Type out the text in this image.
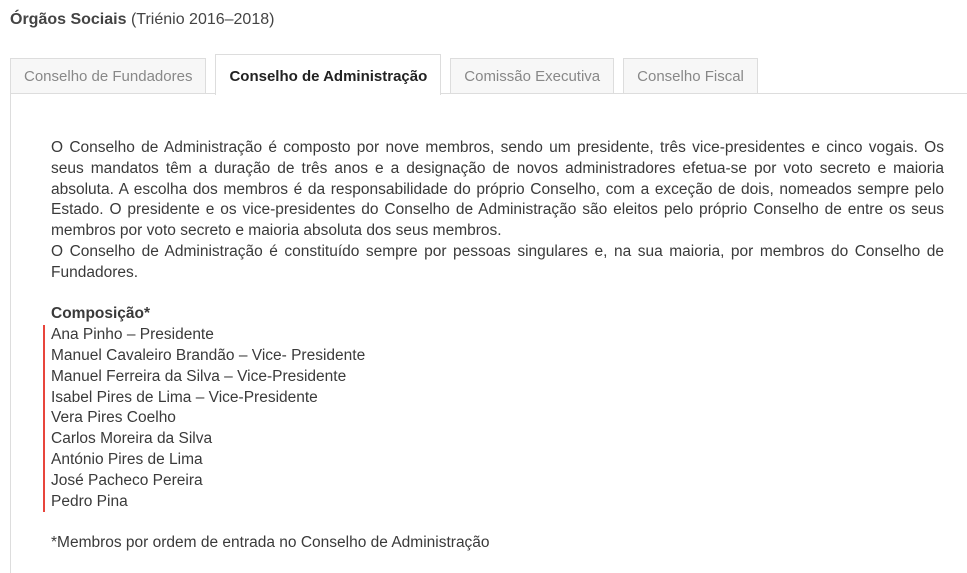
Órgãos Sociais (Triénio 2016–2018)
Conselho de Fundadores	Conselho de Administração	Comissão Executiva	Conselho Fiscal

O Conselho de Administração é composto por nove membros, sendo um presidente, três vice-presidentes e cinco vogais. Os seus mandatos têm a duração de três anos e a designação de novos administradores efetua-se por voto secreto e maioria absoluta. A escolha dos membros é da responsabilidade do próprio Conselho, com a exceção de dois, nomeados sempre pelo Estado. O presidente e os vice-presidentes do Conselho de Administração são eleitos pelo próprio Conselho de entre os seus membros por voto secreto e maioria absoluta dos seus membros.

O Conselho de Administração é constituído sempre por pessoas singulares e, na sua maioria, por membros do Conselho de Fundadores.

Composição*

Ana Pinho – Presidente
Manuel Cavaleiro Brandão – Vice- Presidente
Manuel Ferreira da Silva – Vice-Presidente
Isabel Pires de Lima – Vice-Presidente
Vera Pires Coelho
Carlos Moreira da Silva
António Pires de Lima
José Pacheco Pereira
Pedro Pina

*Membros por ordem de entrada no Conselho de Administração
